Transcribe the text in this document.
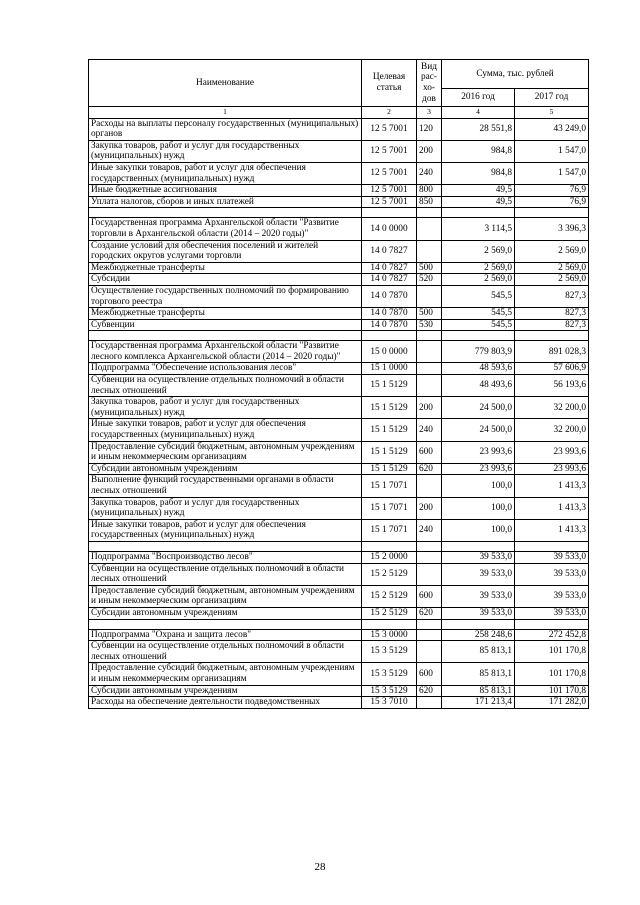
Наименование	Целевая статья	Вид рас- хо- дов	Сумма, тыс. рублей	
			2016 год	2017 год
1	2	3	4	5
Расходы на выплаты персоналу государственных (муниципальных) органов	12 5 7001	120	28 551,8	43 249,0
Закупка товаров, работ и услуг для государственных (муниципальных) нужд	12 5 7001	200	984,8	1 547,0
Иные закупки товаров, работ и услуг для обеспечения государственных (муниципальных) нужд	12 5 7001	240	984,8	1 547,0
Иные бюджетные ассигнования	12 5 7001	800	49,5	76,9
Уплата налогов, сборов и иных платежей	12 5 7001	850	49,5	76,9

Государственная программа Архангельской области "Развитие торговли в Архангельской области (2014 – 2020 годы)"	14 0 0000		3 114,5	3 396,3
Создание условий для обеспечения поселений и жителей городских округов услугами торговли	14 0 7827		2 569,0	2 569,0
Межбюджетные трансферты	14 0 7827	500	2 569,0	2 569,0
Субсидии	14 0 7827	520	2 569,0	2 569,0
Осуществление государственных полномочий по формированию торгового реестра	14 0 7870		545,5	827,3
Межбюджетные трансферты	14 0 7870	500	545,5	827,3
Субвенции	14 0 7870	530	545,5	827,3

Государственная программа Архангельской области "Развитие лесного комплекса Архангельской области (2014 – 2020 годы)"	15 0 0000		779 803,9	891 028,3
Подпрограмма "Обеспечение использования лесов"	15 1 0000		48 593,6	57 606,9
Субвенции на осуществление отдельных полномочий в области лесных отношений	15 1 5129		48 493,6	56 193,6
Закупка товаров, работ и услуг для государственных (муниципальных) нужд	15 1 5129	200	24 500,0	32 200,0
Иные закупки товаров, работ и услуг для обеспечения государственных (муниципальных) нужд	15 1 5129	240	24 500,0	32 200,0
Предоставление субсидий бюджетным, автономным учреждениям и иным некоммерческим организациям	15 1 5129	600	23 993,6	23 993,6
Субсидии автономным учреждениям	15 1 5129	620	23 993,6	23 993,6
Выполнение функций государственными органами в области лесных отношений	15 1 7071		100,0	1 413,3
Закупка товаров, работ и услуг для государственных (муниципальных) нужд	15 1 7071	200	100,0	1 413,3
Иные закупки товаров, работ и услуг для обеспечения государственных (муниципальных) нужд	15 1 7071	240	100,0	1 413,3

Подпрограмма "Воспроизводство лесов"	15 2 0000		39 533,0	39 533,0
Субвенции на осуществление отдельных полномочий в области лесных отношений	15 2 5129		39 533,0	39 533,0
Предоставление субсидий бюджетным, автономным учреждениям и иным некоммерческим организациям	15 2 5129	600	39 533,0	39 533,0
Субсидии автономным учреждениям	15 2 5129	620	39 533,0	39 533,0

Подпрограмма "Охрана и защита лесов"	15 3 0000		258 248,6	272 452,8
Субвенции на осуществление отдельных полномочий в области лесных отношений	15 3 5129		85 813,1	101 170,8
Предоставление субсидий бюджетным, автономным учреждениям и иным некоммерческим организациям	15 3 5129	600	85 813,1	101 170,8
Субсидии автономным учреждениям	15 3 5129	620	85 813,1	101 170,8
Расходы на обеспечение деятельности подведомственных	15 3 7010		171 213,4	171 282,0
28
